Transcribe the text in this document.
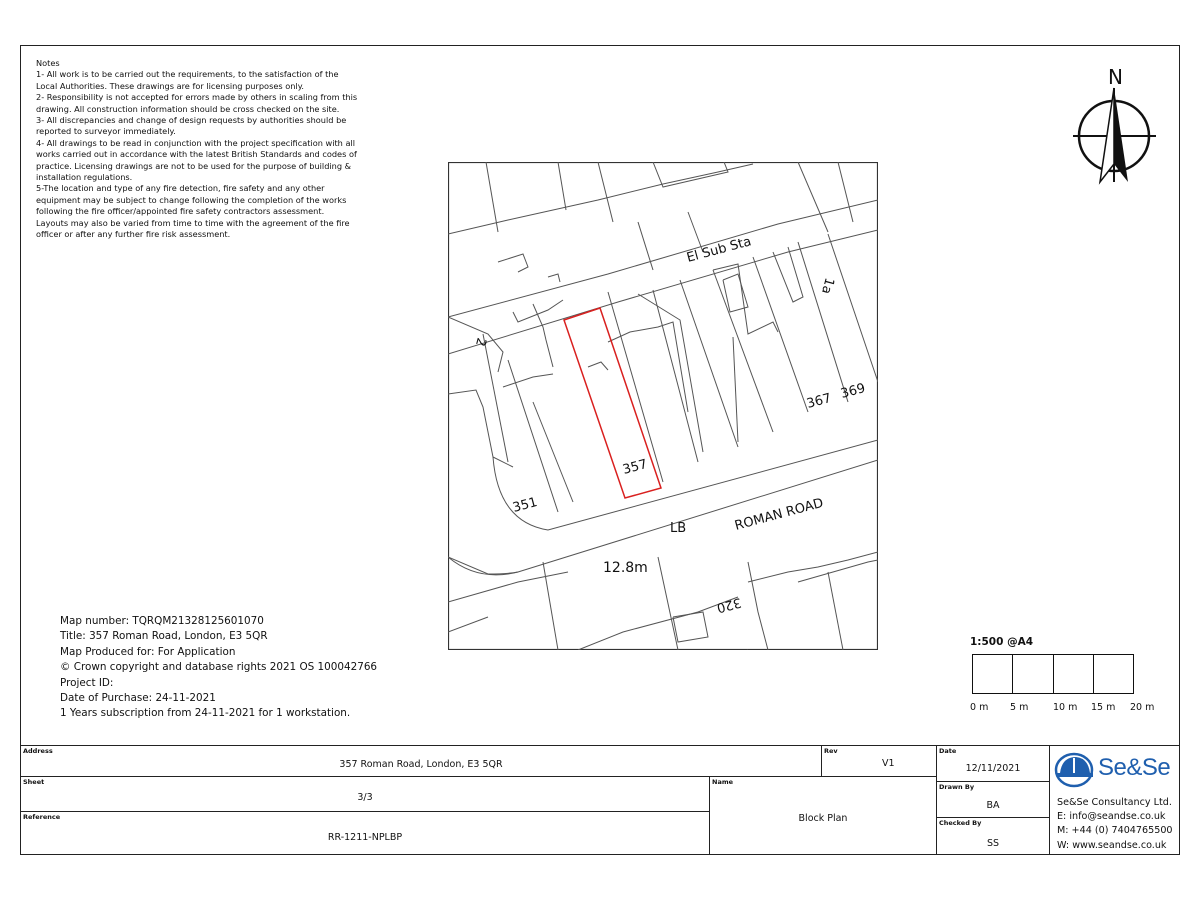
Notes
1- All work is to be carried out the requirements, to the satisfaction of the
Local Authorities. These drawings are for licensing purposes only.
2- Responsibility is not accepted for errors made by others in scaling from this
drawing. All construction information should be cross checked on the site.
3- All discrepancies and change of design requests by authorities should be
reported to surveyor immediately.
4- All drawings to be read in conjunction with the project specification with all
works carried out in accordance with the latest British Standards and codes of
practice. Licensing drawings are not to be used for the purpose of building &
installation regulations.
5-The location and type of any fire detection, fire safety and any other
equipment may be subject to change following the completion of the works
following the fire officer/appointed fire safety contractors assessment.
Layouts may also be varied from time to time with the agreement of the fire
officer or after any further fire risk assessment.
El Sub Sta
2
1a
367 369
357
351
LB	ROMAN ROAD
12.8m
320
Map number: TQRQM21328125601070
Title: 357 Roman Road, London, E3 5QR
Map Produced for: For Application
© Crown copyright and database rights 2021 OS 100042766
Project ID:
Date of Purchase: 24-11-2021
1 Years subscription from 24-11-2021 for 1 workstation.
N
1:500 @A4
0 m 5 m	10 m 15 m 20 m
Address
357 Roman Road, London, E3 5QR
Rev
V1
Date
12/11/2021
Sheet
3/3
Name
Block Plan
Drawn By
BA
Reference
RR-1211-NPLBP
Checked By
SS
Se&Se
Se&Se Consultancy Ltd.
E: info@seandse.co.uk
M: +44 (0) 7404765500
W: www.seandse.co.uk
